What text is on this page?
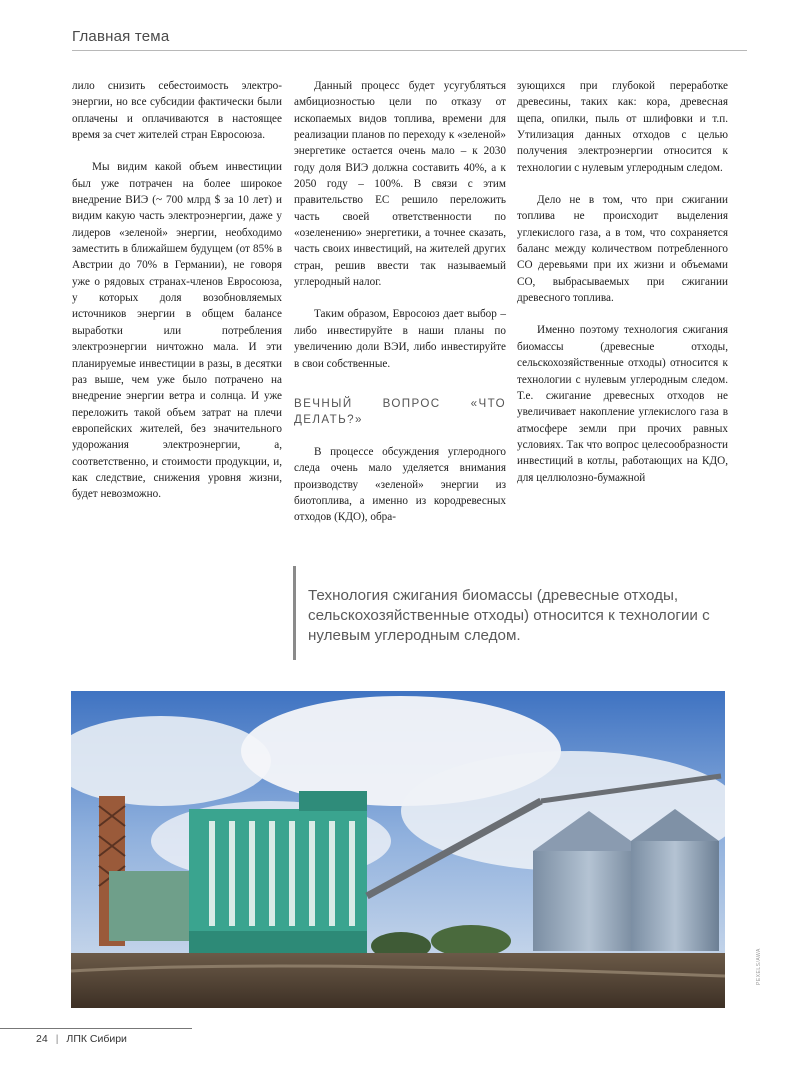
Главная тема

лило снизить себестоимость электроэнергии, но все субсидии фактически были оплачены и оплачиваются в настоящее время за счет жителей стран Евросоюза.

Мы видим какой объем инвестиции был уже потрачен на более широкое внедрение ВИЭ (~ 700 млрд $ за 10 лет) и видим какую часть электроэнергии, даже у лидеров «зеленой» энергии, необходимо заместить в ближайшем будущем (от 85% в Австрии до 70% в Германии), не говоря уже о рядовых странах-членов Евросоюза, у которых доля возобновляемых источников энергии в общем балансе выработки или потребления электроэнергии ничтожно мала. И эти планируемые инвестиции в разы, в десятки раз выше, чем уже было потрачено на внедрение энергии ветра и солнца. И уже переложить такой объем затрат на плечи европейских жителей, без значительного удорожания электроэнергии, а, соответственно, и стоимости продукции, и, как следствие, снижения уровня жизни, будет невозможно.

Данный процесс будет усугубляться амбициозностью цели по отказу от ископаемых видов топлива, времени для реализации планов по переходу к «зеленой» энергетике остается очень мало – к 2030 году доля ВИЭ должна составить 40%, а к 2050 году – 100%. В связи с этим правительство ЕС решило переложить часть своей ответственности по «озеленению» энергетики, а точнее сказать, часть своих инвестиций, на жителей других стран, решив ввести так называемый углеродный налог.

Таким образом, Евросоюз дает выбор – либо инвестируйте в наши планы по увеличению доли ВЭИ, либо инвестируйте в свои собственные.

ВЕЧНЫЙ ВОПРОС «ЧТО ДЕЛАТЬ?»

В процессе обсуждения углеродного следа очень мало уделяется внимания производству «зеленой» энергии из биотоплива, а именно из кородревесных отходов (КДО), обра-

зующихся при глубокой переработке древесины, таких как: кора, древесная щепа, опилки, пыль от шлифовки и т.п. Утилизация данных отходов с целью получения электроэнергии относится к технологии с нулевым углеродным следом.

Дело не в том, что при сжигании топлива не происходит выделения углекислого газа, а в том, что сохраняется баланс между количеством потребленного СО деревьями при их жизни и объемами СО, выбрасываемых при сжигании древесного топлива.

Именно поэтому технология сжигания биомассы (древесные отходы, сельскохозяйственные отходы) относится к технологии с нулевым углеродным следом. Т.е. сжигание древесных отходов не увеличивает накопление углекислого газа в атмосфере земли при прочих равных условиях. Так что вопрос целесообразности инвестиций в котлы, работающих на КДО, для целлюлозно-бумажной

Технология сжигания биомассы (древесные отходы, сельскохозяйственные отходы) относится к технологии с нулевым углеродным следом.
PEXELS/AWA
24 | ЛПК Сибири
